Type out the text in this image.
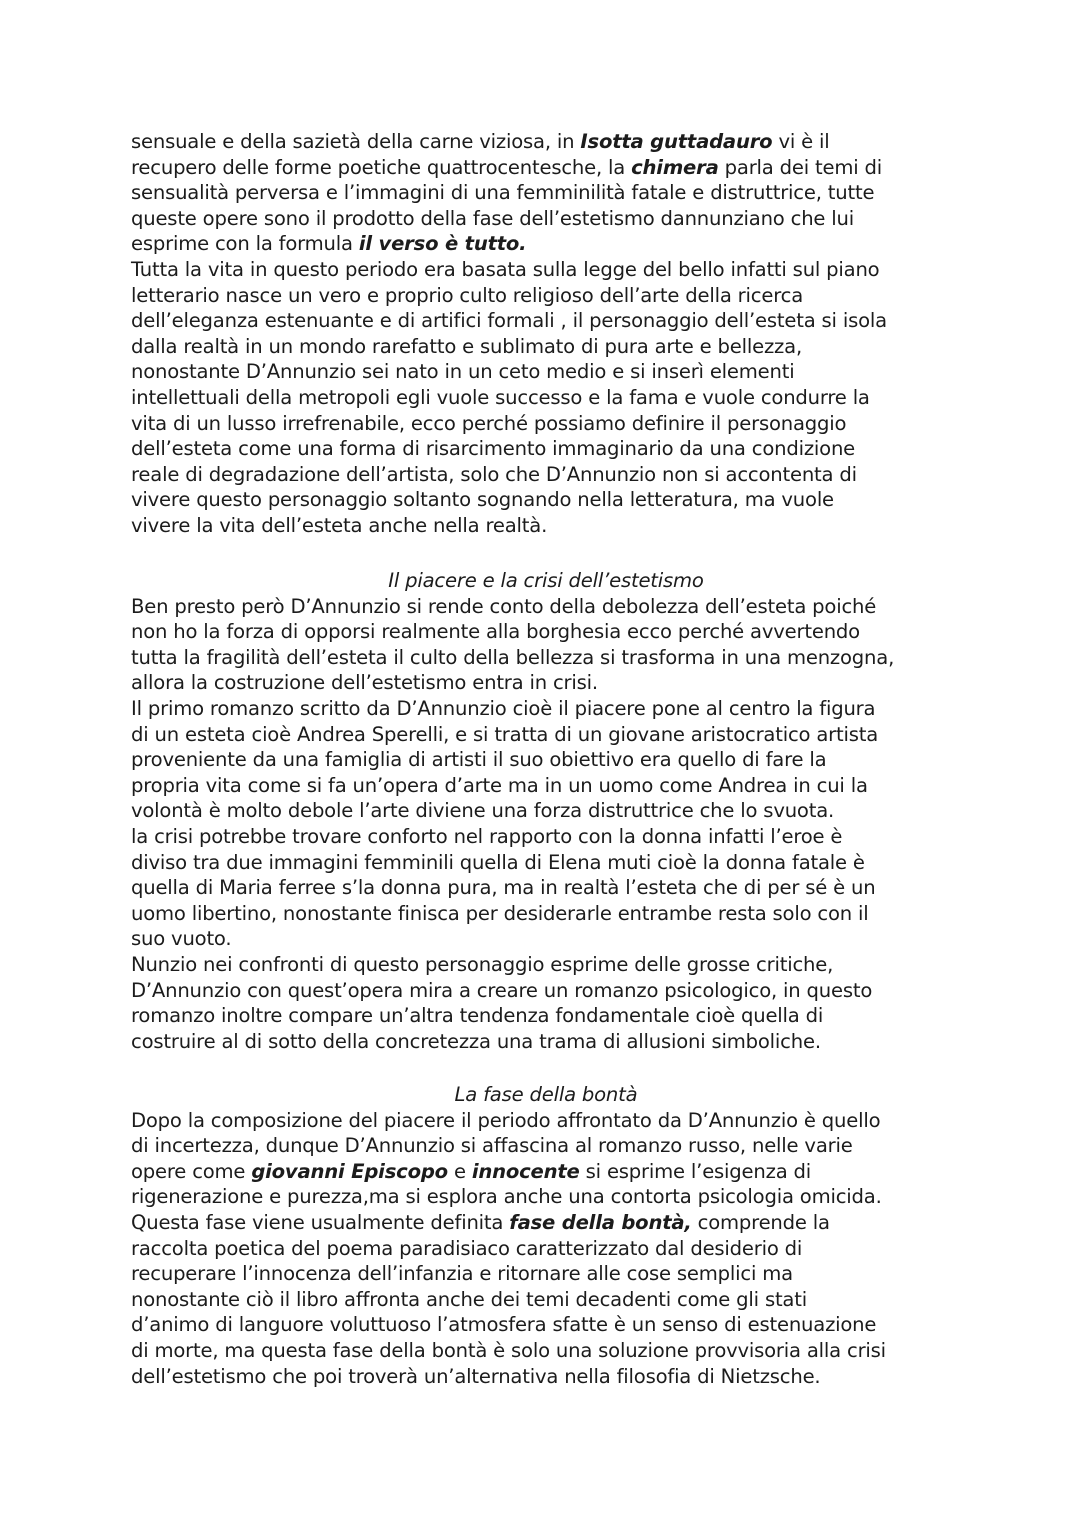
sensuale e della sazietà della carne viziosa, in Isotta guttadauro vi è il
recupero delle forme poetiche quattrocentesche, la chimera parla dei temi di
sensualità perversa e l’immagini di una femminilità fatale e distruttrice, tutte
queste opere sono il prodotto della fase dell’estetismo dannunziano che lui
esprime con la formula il verso è tutto.
Tutta la vita in questo periodo era basata sulla legge del bello infatti sul piano
letterario nasce un vero e proprio culto religioso dell’arte della ricerca
dell’eleganza estenuante e di artifici formali , il personaggio dell’esteta si isola
dalla realtà in un mondo rarefatto e sublimato di pura arte e bellezza,
nonostante D’Annunzio sei nato in un ceto medio e si inserì elementi
intellettuali della metropoli egli vuole successo e la fama e vuole condurre la
vita di un lusso irrefrenabile, ecco perché possiamo definire il personaggio
dell’esteta come una forma di risarcimento immaginario da una condizione
reale di degradazione dell’artista, solo che D’Annunzio non si accontenta di
vivere questo personaggio soltanto sognando nella letteratura, ma vuole
vivere la vita dell’esteta anche nella realtà.
Il piacere e la crisi dell’estetismo
Ben presto però D’Annunzio si rende conto della debolezza dell’esteta poiché
non ho la forza di opporsi realmente alla borghesia ecco perché avvertendo
tutta la fragilità dell’esteta il culto della bellezza si trasforma in una menzogna,
allora la costruzione dell’estetismo entra in crisi.
Il primo romanzo scritto da D’Annunzio cioè il piacere pone al centro la figura
di un esteta cioè Andrea Sperelli, e si tratta di un giovane aristocratico artista
proveniente da una famiglia di artisti il suo obiettivo era quello di fare la
propria vita come si fa un’opera d’arte ma in un uomo come Andrea in cui la
volontà è molto debole l’arte diviene una forza distruttrice che lo svuota.
la crisi potrebbe trovare conforto nel rapporto con la donna infatti l’eroe è
diviso tra due immagini femminili quella di Elena muti cioè la donna fatale è
quella di Maria ferree s’la donna pura, ma in realtà l’esteta che di per sé è un
uomo libertino, nonostante finisca per desiderarle entrambe resta solo con il
suo vuoto.
Nunzio nei confronti di questo personaggio esprime delle grosse critiche,
D’Annunzio con quest’opera mira a creare un romanzo psicologico, in questo
romanzo inoltre compare un’altra tendenza fondamentale cioè quella di
costruire al di sotto della concretezza una trama di allusioni simboliche.
La fase della bontà
Dopo la composizione del piacere il periodo affrontato da D’Annunzio è quello
di incertezza, dunque D’Annunzio si affascina al romanzo russo, nelle varie
opere come giovanni Episcopo e innocente si esprime l’esigenza di
rigenerazione e purezza,ma si esplora anche una contorta psicologia omicida.
Questa fase viene usualmente definita fase della bontà, comprende la
raccolta poetica del poema paradisiaco caratterizzato dal desiderio di
recuperare l’innocenza dell’infanzia e ritornare alle cose semplici ma
nonostante ciò il libro affronta anche dei temi decadenti come gli stati
d’animo di languore voluttuoso l’atmosfera sfatte è un senso di estenuazione
di morte, ma questa fase della bontà è solo una soluzione provvisoria alla crisi
dell’estetismo che poi troverà un’alternativa nella filosofia di Nietzsche.
